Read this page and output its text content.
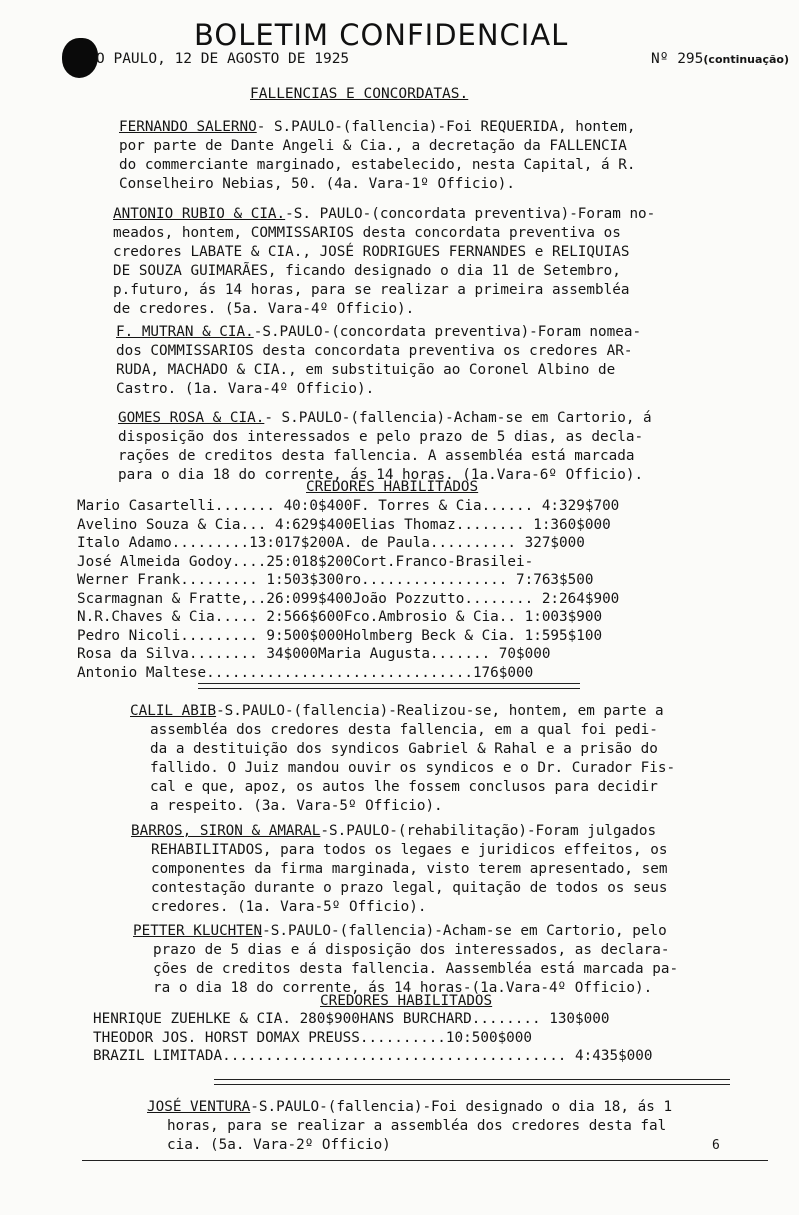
BOLETIM CONFIDENCIAL
O PAULO, 12 DE AGOSTO DE 1925	Nº 295(continuação)
FALLENCIAS E CONCORDATAS.

FERNANDO SALERNO- S.PAULO-(fallencia)-Foi REQUERIDA, hontem,

por parte de Dante Angeli & Cia., a decretação da FALLENCIA

do commerciante marginado, estabelecido, nesta Capital, á R.

Conselheiro Nebias, 50. (4a. Vara-1º Officio).

ANTONIO RUBIO & CIA.-S. PAULO-(concordata preventiva)-Foram no-

meados, hontem, COMMISSARIOS desta concordata preventiva os

credores LABATE & CIA., JOSÉ RODRIGUES FERNANDES e RELIQUIAS

DE SOUZA GUIMARÃES, ficando designado o dia 11 de Setembro,

p.futuro, ás 14 horas, para se realizar a primeira assembléa

de credores. (5a. Vara-4º Officio).

F. MUTRAN & CIA.-S.PAULO-(concordata preventiva)-Foram nomea-

dos COMMISSARIOS desta concordata preventiva os credores AR-

RUDA, MACHADO & CIA., em substituição ao Coronel Albino de

Castro. (1a. Vara-4º Officio).

GOMES ROSA & CIA.- S.PAULO-(fallencia)-Acham-se em Cartorio, á

disposição dos interessados e pelo prazo de 5 dias, as decla-

rações de creditos desta fallencia. A assembléa está marcada

para o dia 18 do corrente, ás 14 horas. (1a.Vara-6º Officio).

CREDORES HABILITADOS
Mario Casartelli....... 40:0 $ 400 F. Torres & Cia...... 4:329 $ 700
Avelino Souza & Cia... 4:629 $ 400 Elias Thomaz........ 1:360 $ 000
Italo Adamo.........13:017 $ 200 A. de Paula.......... 327 $ 000
José Almeida Godoy....25:018 $ 200 Cort.Franco-Brasilei-
Werner Frank......... 1:503 $ 300 ro................. 7:763 $ 500
Scarmagnan & Fratte,..26:099 $ 400 João Pozzutto........ 2:264 $ 900
N.R.Chaves & Cia..... 2:566 $ 600 Fco.Ambrosio & Cia.. 1:003 $ 900
Pedro Nicoli......... 9:500 $ 000 Holmberg Beck & Cia. 1:595 $ 100
Rosa da Silva........ 34 $ 000 Maria Augusta....... 70 $ 000
Antonio Maltese............................... 176 $ 000

CALIL ABIB-S.PAULO-(fallencia)-Realizou-se, hontem, em parte a

assembléa dos credores desta fallencia, em a qual foi pedi-

da a destituição dos syndicos Gabriel & Rahal e a prisão do

fallido. O Juiz mandou ouvir os syndicos e o Dr. Curador Fis-

cal e que, apoz, os autos lhe fossem conclusos para decidir

a respeito. (3a. Vara-5º Officio).

BARROS, SIRON & AMARAL-S.PAULO-(rehabilitação)-Foram julgados

REHABILITADOS, para todos os legaes e juridicos effeitos, os

componentes da firma marginada, visto terem apresentado, sem

contestação durante o prazo legal, quitação de todos os seus

credores. (1a. Vara-5º Officio).

PETTER KLUCHTEN-S.PAULO-(fallencia)-Acham-se em Cartorio, pelo

prazo de 5 dias e á disposição dos interessados, as declara-

ções de creditos desta fallencia. Aassembléa está marcada pa-

ra o dia 18 do corrente, ás 14 horas-(1a.Vara-4º Officio).

CREDORES HABILITADOS
HENRIQUE ZUEHLKE & CIA. 280 $ 900 HANS BURCHARD........ 130 $ 000
THEODOR JOS. HORST DO MAX PREUSS..........10:500 $ 000
BRAZIL LIMITADA........................................ 4:435 $ 000

JOSÉ VENTURA-S.PAULO-(fallencia)-Foi designado o dia 18, ás 1

horas, para se realizar a assembléa dos credores desta fal

cia. (5a. Vara-2º Officio)	6
